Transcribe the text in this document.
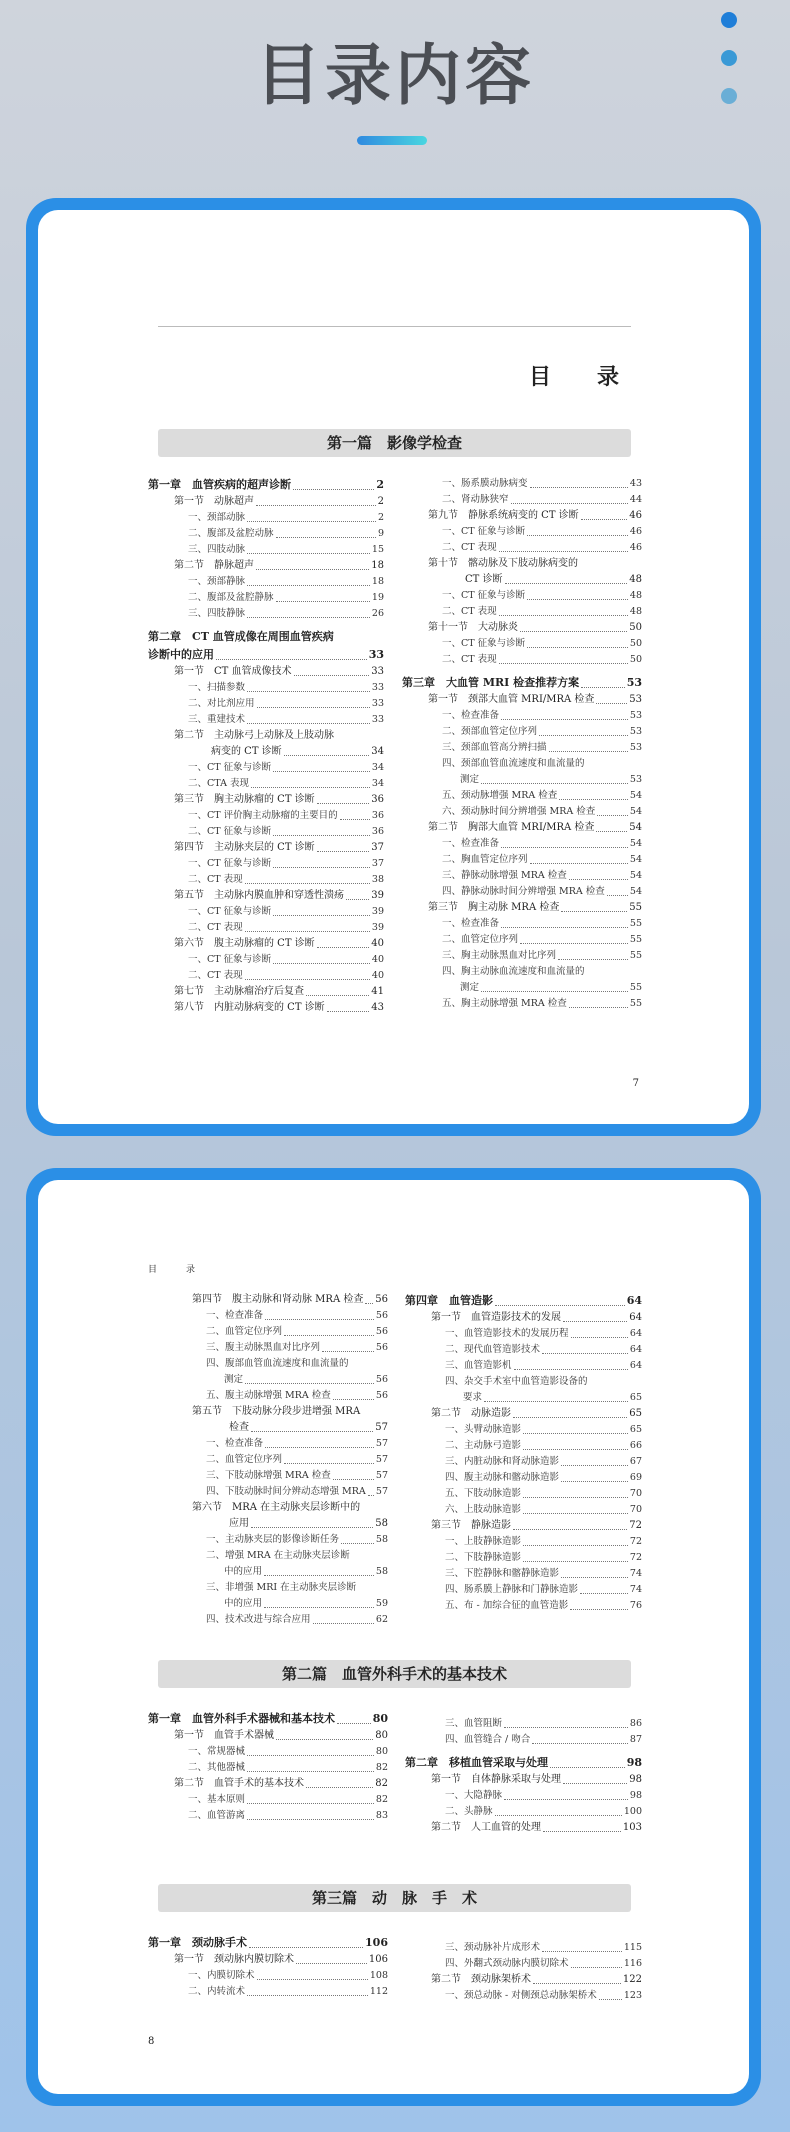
目录内容
目　录
第一篇　影像学检查
第一章　血管疾病的超声诊断	2
第一节　动脉超声	2
一、颈部动脉	2
二、腹部及盆腔动脉	9
三、四肢动脉	15
第二节　静脉超声	18
一、颈部静脉	18
二、腹部及盆腔静脉	19
三、四肢静脉	26
第二章　CT 血管成像在周围血管疾病
诊断中的应用	33
第一节　CT 血管成像技术	33
一、扫描参数	33
二、对比剂应用	33
三、重建技术	33
第二节　主动脉弓上动脉及上肢动脉
病变的 CT 诊断	34
一、CT 征象与诊断	34
二、CTA 表现	34
第三节　胸主动脉瘤的 CT 诊断	36
一、CT 评价胸主动脉瘤的主要目的	36
二、CT 征象与诊断	36
第四节　主动脉夹层的 CT 诊断	37
一、CT 征象与诊断	37
二、CT 表现	38
第五节　主动脉内膜血肿和穿透性溃疡	39
一、CT 征象与诊断	39
二、CT 表现	39
第六节　腹主动脉瘤的 CT 诊断	40
一、CT 征象与诊断	40
二、CT 表现	40
第七节　主动脉瘤治疗后复查	41
第八节　内脏动脉病变的 CT 诊断	43
一、肠系膜动脉病变	43
二、肾动脉狭窄	44
第九节　静脉系统病变的 CT 诊断	46
一、CT 征象与诊断	46
二、CT 表现	46
第十节　髂动脉及下肢动脉病变的
CT 诊断	48
一、CT 征象与诊断	48
二、CT 表现	48
第十一节　大动脉炎	50
一、CT 征象与诊断	50
二、CT 表现	50
第三章　大血管 MRI 检查推荐方案	53
第一节　颈部大血管 MRI/MRA 检查	53
一、检查准备	53
二、颈部血管定位序列	53
三、颈部血管高分辨扫描	53
四、颈部血管血流速度和血流量的
测定	53
五、颈动脉增强 MRA 检查	54
六、颈动脉时间分辨增强 MRA 检查	54
第二节　胸部大血管 MRI/MRA 检查	54
一、检查准备	54
二、胸血管定位序列	54
三、静脉动脉增强 MRA 检查	54
四、静脉动脉时间分辨增强 MRA 检查	54
第三节　胸主动脉 MRA 检查	55
一、检查准备	55
二、血管定位序列	55
三、胸主动脉黑血对比序列	55
四、胸主动脉血流速度和血流量的
测定	55
五、胸主动脉增强 MRA 检查	55
7
目　录
第四节　腹主动脉和肾动脉 MRA 检查 56
一、检查准备	56
二、血管定位序列	56
三、腹主动脉黑血对比序列	56
四、腹部血管血流速度和血流量的
测定	56
五、腹主动脉增强 MRA 检查	56
第五节　下肢动脉分段步进增强 MRA
检查	57
一、检查准备	57
二、血管定位序列	57
三、下肢动脉增强 MRA 检查	57
四、下肢动脉时间分辨动态增强 MRA 57
第六节　MRA 在主动脉夹层诊断中的
应用	58
一、主动脉夹层的影像诊断任务	58
二、增强 MRA 在主动脉夹层诊断
中的应用	58
三、非增强 MRI 在主动脉夹层诊断
中的应用	59
四、技术改进与综合应用	62
第四章　血管造影	64
第一节　血管造影技术的发展	64
一、血管造影技术的发展历程	64
二、现代血管造影技术	64
三、血管造影机	64
四、杂交手术室中血管造影设备的
要求	65
第二节　动脉造影	65
一、头臂动脉造影	65
二、主动脉弓造影	66
三、内脏动脉和肾动脉造影	67
四、腹主动脉和髂动脉造影	69
五、下肢动脉造影	70
六、上肢动脉造影	70
第三节　静脉造影	72
一、上肢静脉造影	72
二、下肢静脉造影	72
三、下腔静脉和髂静脉造影	74
四、肠系膜上静脉和门静脉造影	74
五、布 - 加综合征的血管造影	76
第二篇　血管外科手术的基本技术
第一章　血管外科手术器械和基本技术	80
第一节　血管手术器械	80
一、常规器械	80
二、其他器械	82
第二节　血管手术的基本技术	82
一、基本原则	82
二、血管游离	83
三、血管阻断	86
四、血管缝合 / 吻合	87
第二章　移植血管采取与处理	98
第一节　自体静脉采取与处理	98
一、大隐静脉	98
二、头静脉	100
第二节　人工血管的处理	103
第三篇　动　脉　手　术
第一章　颈动脉手术	106
第一节　颈动脉内膜切除术	106
一、内膜切除术	108
二、内转流术	112
三、颈动脉补片成形术	115
四、外翻式颈动脉内膜切除术	116
第二节　颈动脉架桥术	122
一、颈总动脉 - 对侧颈总动脉架桥术	123
8
